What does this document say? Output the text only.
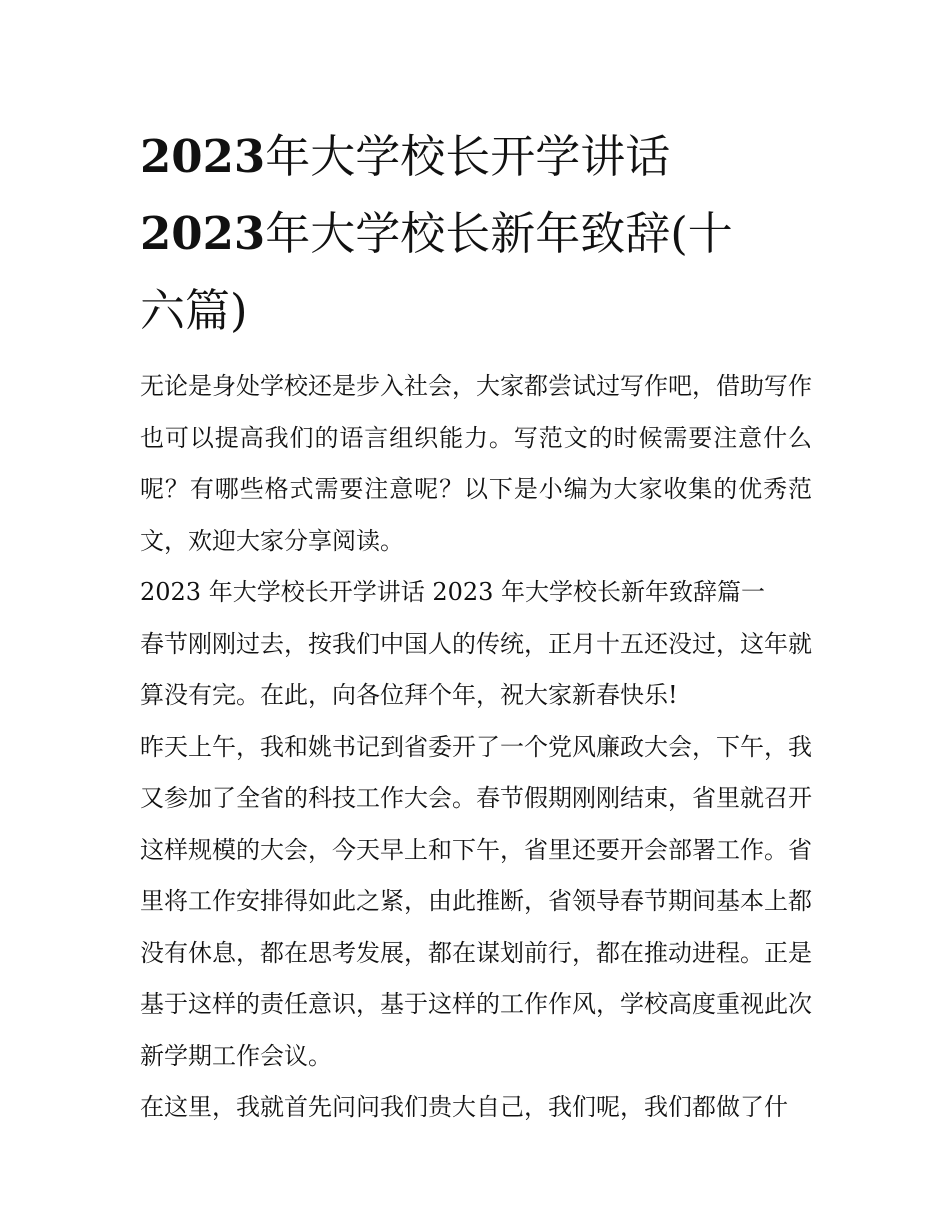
2023年大学校长开学讲话
2023年大学校长新年致辞(十
六篇)

无论是身处学校还是步入社会，大家都尝试过写作吧，借助写作也可以提高我们的语言组织能力。写范文的时候需要注意什么呢？有哪些格式需要注意呢？以下是小编为大家收集的优秀范文，欢迎大家分享阅读。

2023 年大学校长开学讲话 2023 年大学校长新年致辞篇一

春节刚刚过去，按我们中国人的传统，正月十五还没过，这年就算没有完。在此，向各位拜个年，祝大家新春快乐!

昨天上午，我和姚书记到省委开了一个党风廉政大会，下午，我又参加了全省的科技工作大会。春节假期刚刚结束，省里就召开这样规模的大会，今天早上和下午，省里还要开会部署工作。省里将工作安排得如此之紧，由此推断，省领导春节期间基本上都没有休息，都在思考发展，都在谋划前行，都在推动进程。正是基于这样的责任意识，基于这样的工作作风，学校高度重视此次新学期工作会议。

在这里，我就首先问问我们贵大自己，我们呢，我们都做了什
